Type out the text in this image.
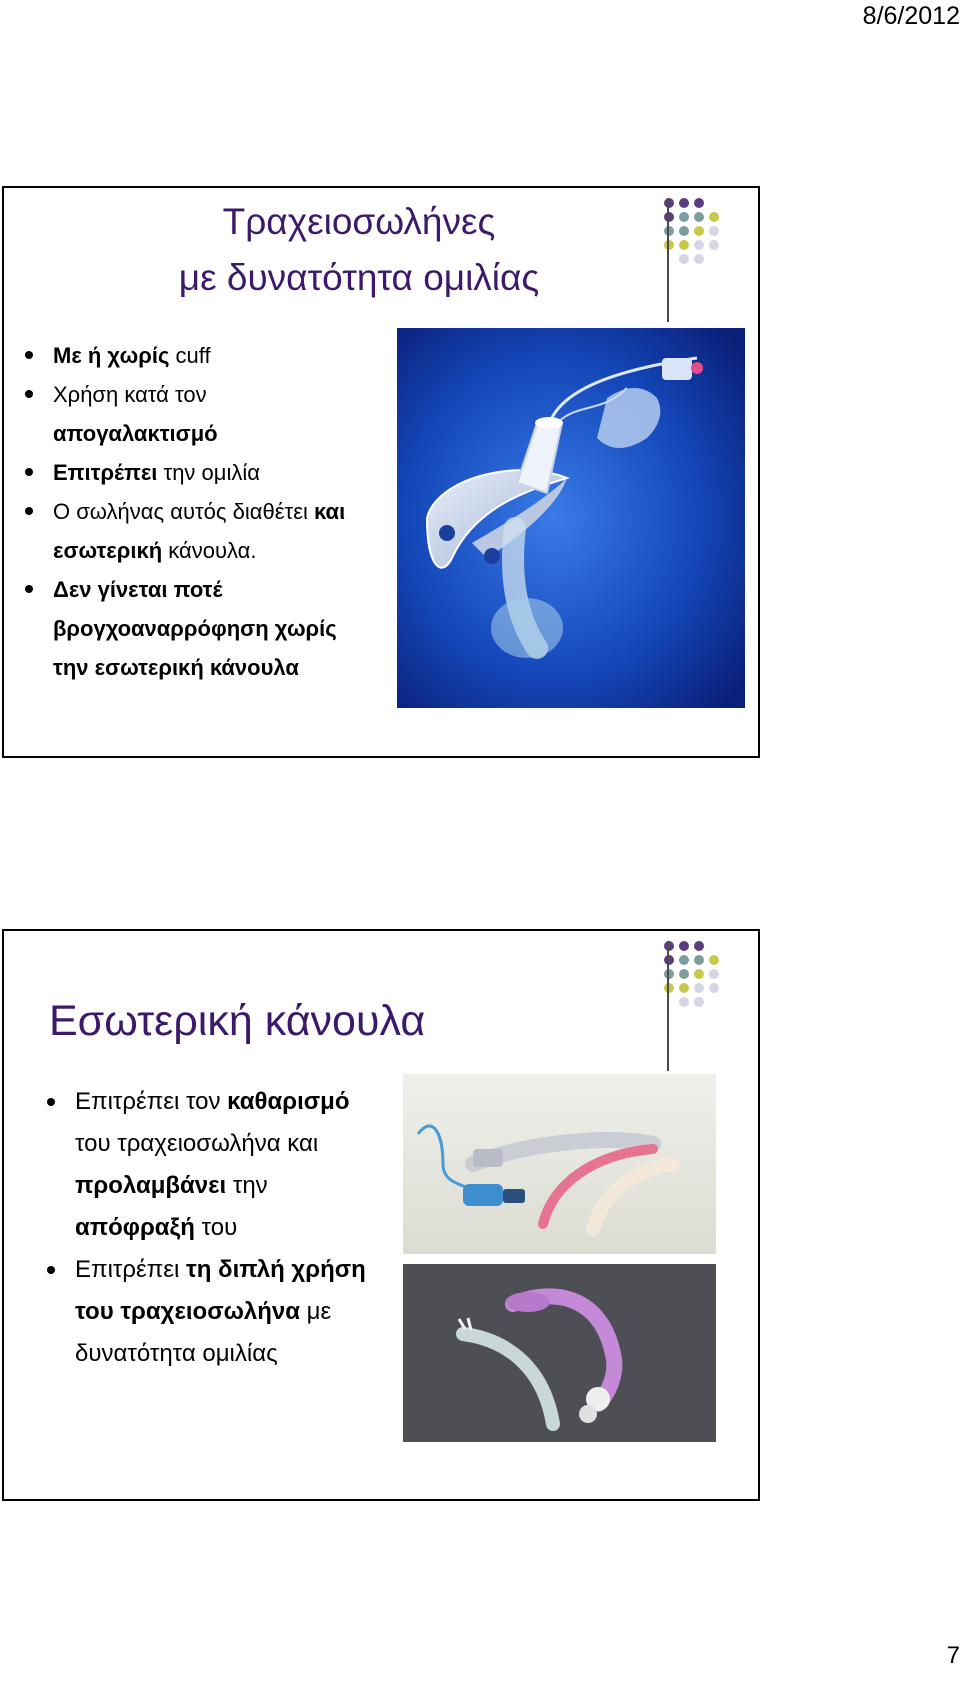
8/6/2012
Τραχειοσωλήνες
με δυνατότητα ομιλίας
Με ή χωρίς cuff
Χρήση κατά τον απογαλακτισμό
Επιτρέπει την ομιλία
Ο σωλήνας αυτός διαθέτει και εσωτερική κάνουλα.
Δεν γίνεται ποτέ βρογχοαναρρόφηση χωρίς την εσωτερική κάνουλα
Εσωτερική κάνουλα
Επιτρέπει τον καθαρισμό του τραχειοσωλήνα και προλαμβάνει την απόφραξή του
Επιτρέπει τη διπλή χρήση του τραχειοσωλήνα με δυνατότητα ομιλίας
7
